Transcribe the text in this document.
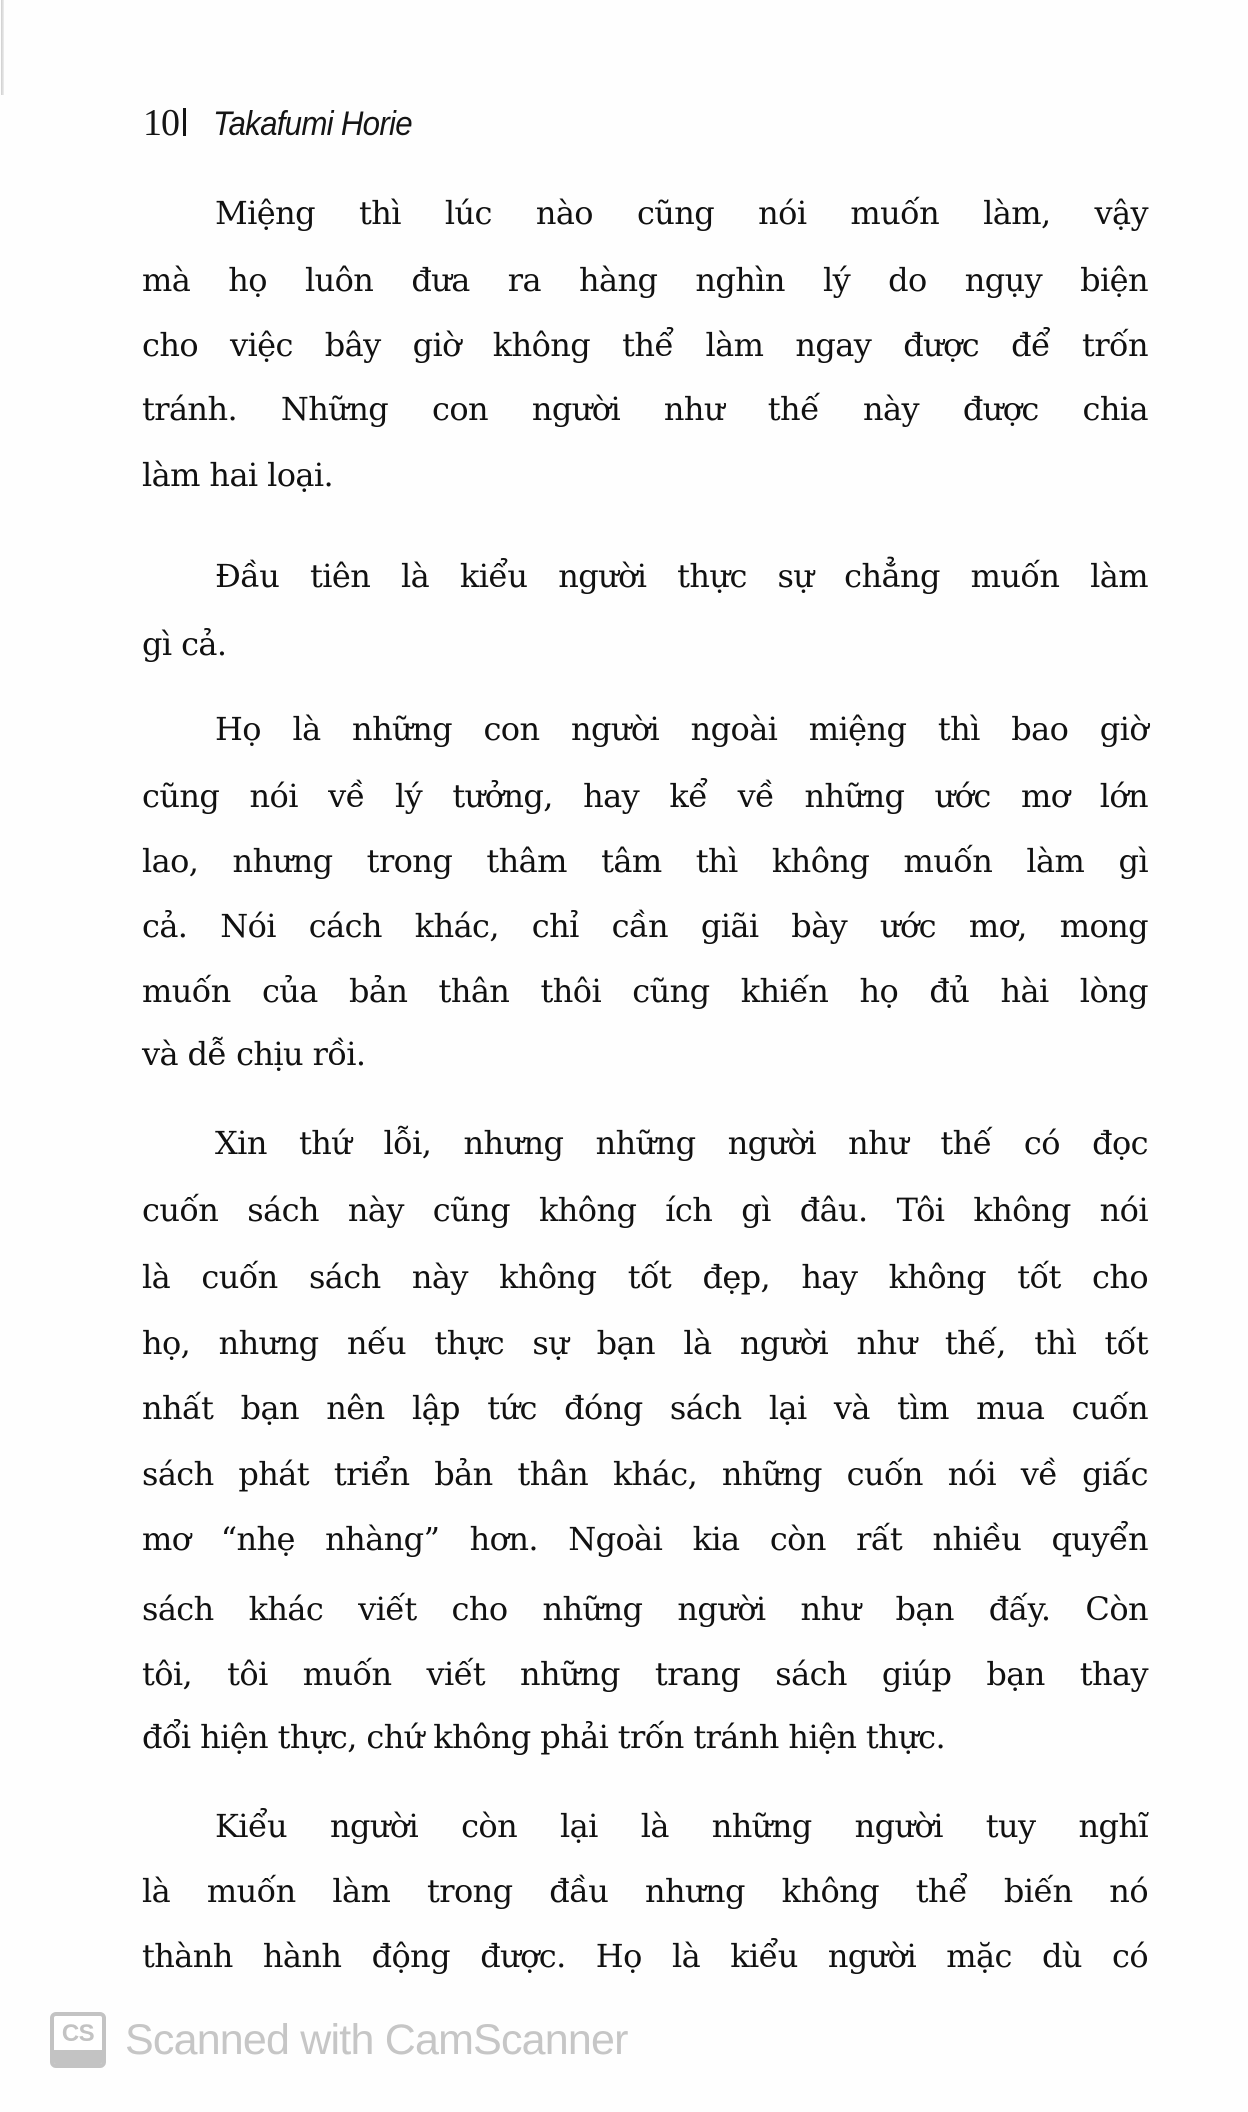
10 Takafumi Horie
Miệng thì lúc nào cũng nói muốn làm, vậy
mà họ luôn đưa ra hàng nghìn lý do ngụy biện
cho việc bây giờ không thể làm ngay được để trốn
tránh. Những con người như thế này được chia
làm hai loại.
Đầu tiên là kiểu người thực sự chẳng muốn làm
gì cả.
Họ là những con người ngoài miệng thì bao giờ
cũng nói về lý tưởng, hay kể về những ước mơ lớn
lao, nhưng trong thâm tâm thì không muốn làm gì
cả. Nói cách khác, chỉ cần giãi bày ước mơ, mong
muốn của bản thân thôi cũng khiến họ đủ hài lòng
và dễ chịu rồi.
Xin thứ lỗi, nhưng những người như thế có đọc
cuốn sách này cũng không ích gì đâu. Tôi không nói
là cuốn sách này không tốt đẹp, hay không tốt cho
họ, nhưng nếu thực sự bạn là người như thế, thì tốt
nhất bạn nên lập tức đóng sách lại và tìm mua cuốn
sách phát triển bản thân khác, những cuốn nói về giấc
mơ “nhẹ nhàng” hơn. Ngoài kia còn rất nhiều quyển
sách khác viết cho những người như bạn đấy. Còn
tôi, tôi muốn viết những trang sách giúp bạn thay
đổi hiện thực, chứ không phải trốn tránh hiện thực.
Kiểu người còn lại là những người tuy nghĩ
là muốn làm trong đầu nhưng không thể biến nó
thành hành động được. Họ là kiểu người mặc dù có
CS Scanned with CamScanner
